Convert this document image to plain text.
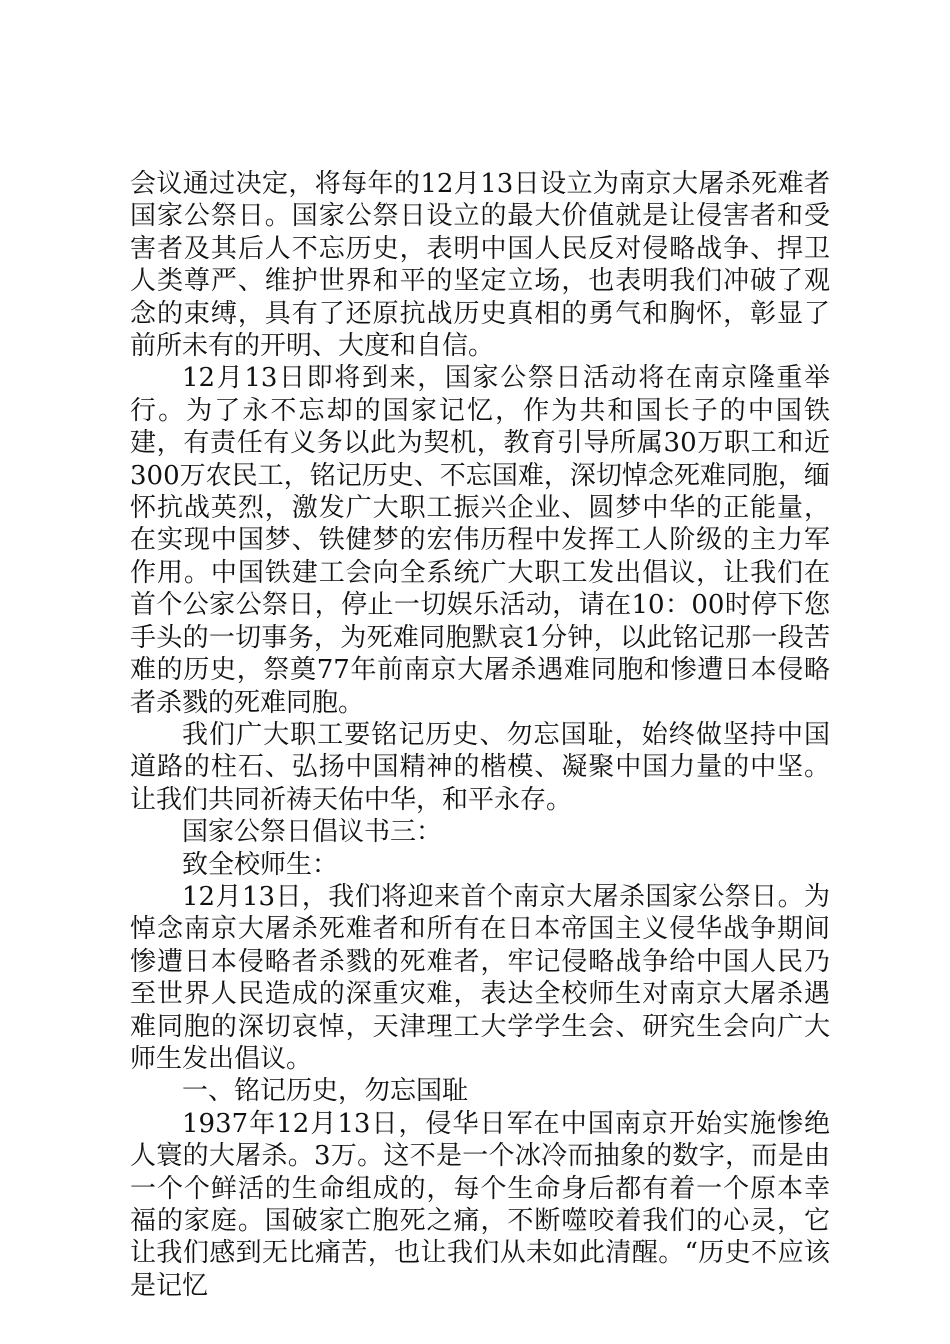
会议通过决定，将每年的12月13日设立为南京大屠杀死难者国家公祭日。国家公祭日设立的最大价值就是让侵害者和受害者及其后人不忘历史，表明中国人民反对侵略战争、捍卫人类尊严、维护世界和平的坚定立场，也表明我们冲破了观念的束缚，具有了还原抗战历史真相的勇气和胸怀，彰显了前所未有的开明、大度和自信。

12月13日即将到来，国家公祭日活动将在南京隆重举行。为了永不忘却的国家记忆，作为共和国长子的中国铁建，有责任有义务以此为契机，教育引导所属30万职工和近300万农民工，铭记历史、不忘国难，深切悼念死难同胞，缅怀抗战英烈，激发广大职工振兴企业、圆梦中华的正能量，在实现中国梦、铁健梦的宏伟历程中发挥工人阶级的主力军作用。中国铁建工会向全系统广大职工发出倡议，让我们在首个公家公祭日，停止一切娱乐活动，请在10：00时停下您手头的一切事务，为死难同胞默哀1分钟，以此铭记那一段苦难的历史，祭奠77年前南京大屠杀遇难同胞和惨遭日本侵略者杀戮的死难同胞。

我们广大职工要铭记历史、勿忘国耻，始终做坚持中国道路的柱石、弘扬中国精神的楷模、凝聚中国力量的中坚。让我们共同祈祷天佑中华，和平永存。

国家公祭日倡议书三：

致全校师生：

12月13日，我们将迎来首个南京大屠杀国家公祭日。为悼念南京大屠杀死难者和所有在日本帝国主义侵华战争期间惨遭日本侵略者杀戮的死难者，牢记侵略战争给中国人民乃至世界人民造成的深重灾难，表达全校师生对南京大屠杀遇难同胞的深切哀悼，天津理工大学学生会、研究生会向广大师生发出倡议。

一、铭记历史，勿忘国耻

1937年12月13日，侵华日军在中国南京开始实施惨绝人寰的大屠杀。3万。这不是一个冰冷而抽象的数字，而是由一个个鲜活的生命组成的，每个生命身后都有着一个原本幸福的家庭。国破家亡胞死之痛，不断噬咬着我们的心灵，它让我们感到无比痛苦，也让我们从未如此清醒。“历史不应该是记忆
